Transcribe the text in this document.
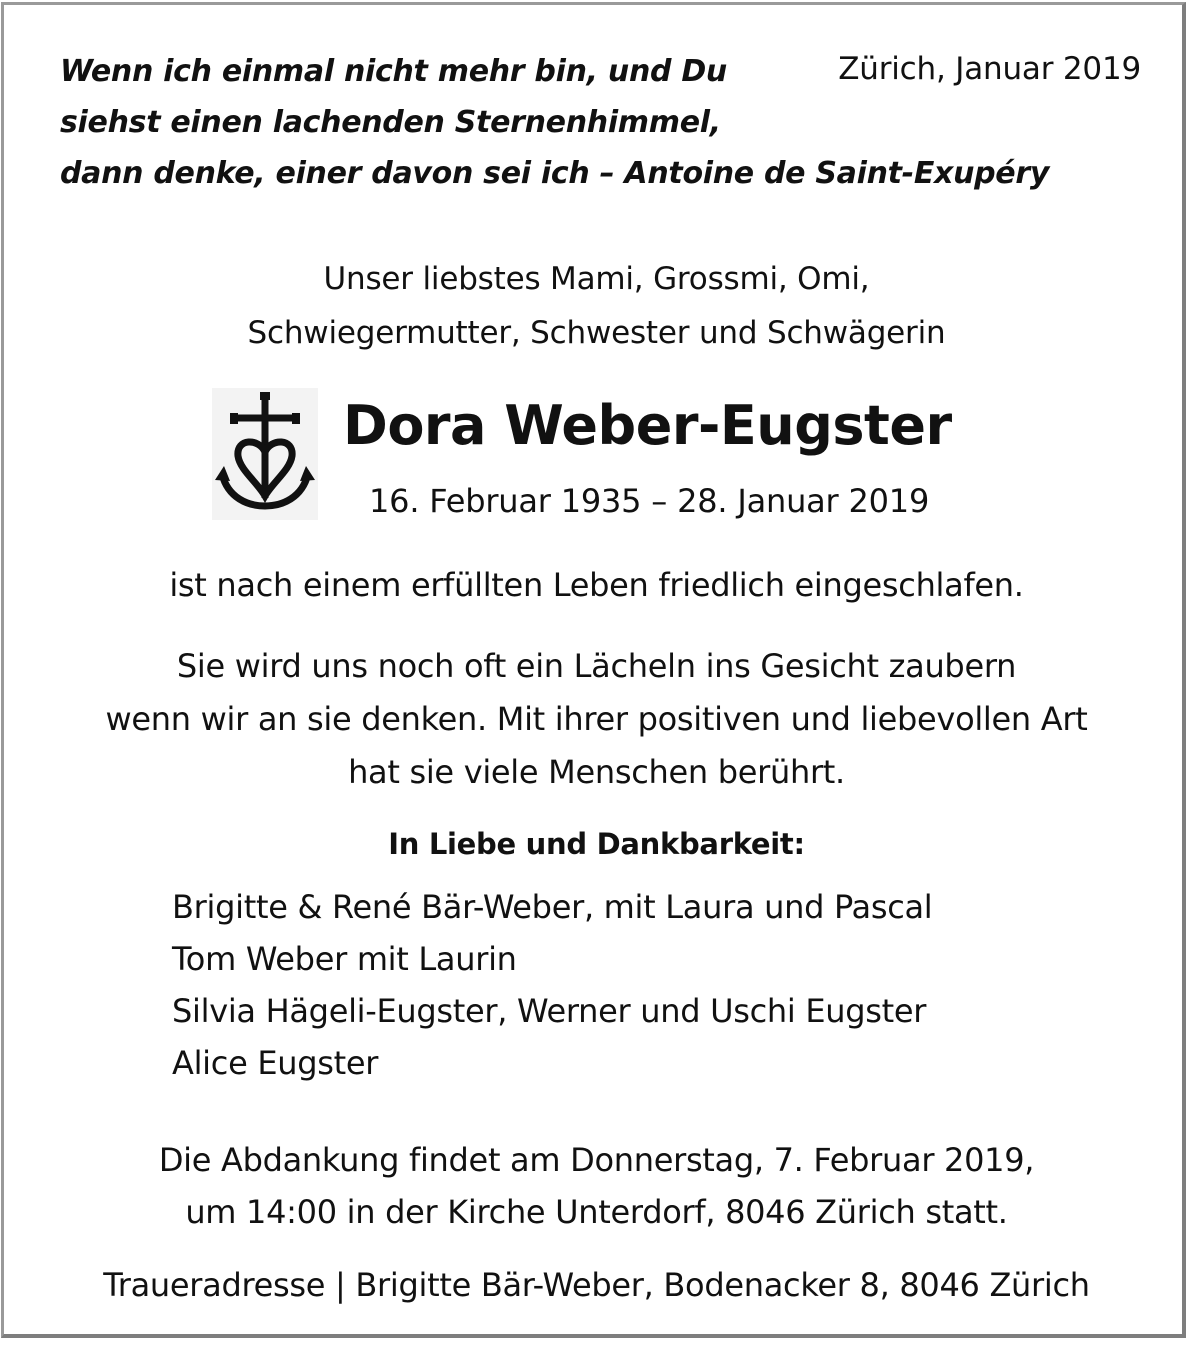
Wenn ich einmal nicht mehr bin, und Du
siehst einen lachenden Sternenhimmel,
dann denke, einer davon sei ich – Antoine de Saint-Exupéry
Zürich, Januar 2019
Unser liebstes Mami, Grossmi, Omi,
Schwiegermutter, Schwester und Schwägerin
Dora Weber-Eugster
16. Februar 1935 – 28. Januar 2019
ist nach einem erfüllten Leben friedlich eingeschlafen.
Sie wird uns noch oft ein Lächeln ins Gesicht zaubern
wenn wir an sie denken. Mit ihrer positiven und liebevollen Art
hat sie viele Menschen berührt.
In Liebe und Dankbarkeit:
Brigitte & René Bär-Weber, mit Laura und Pascal
Tom Weber mit Laurin
Silvia Hägeli-Eugster, Werner und Uschi Eugster
Alice Eugster
Die Abdankung findet am Donnerstag, 7. Februar 2019,
um 14:00 in der Kirche Unterdorf, 8046 Zürich statt.
Traueradresse | Brigitte Bär-Weber, Bodenacker 8, 8046 Zürich
